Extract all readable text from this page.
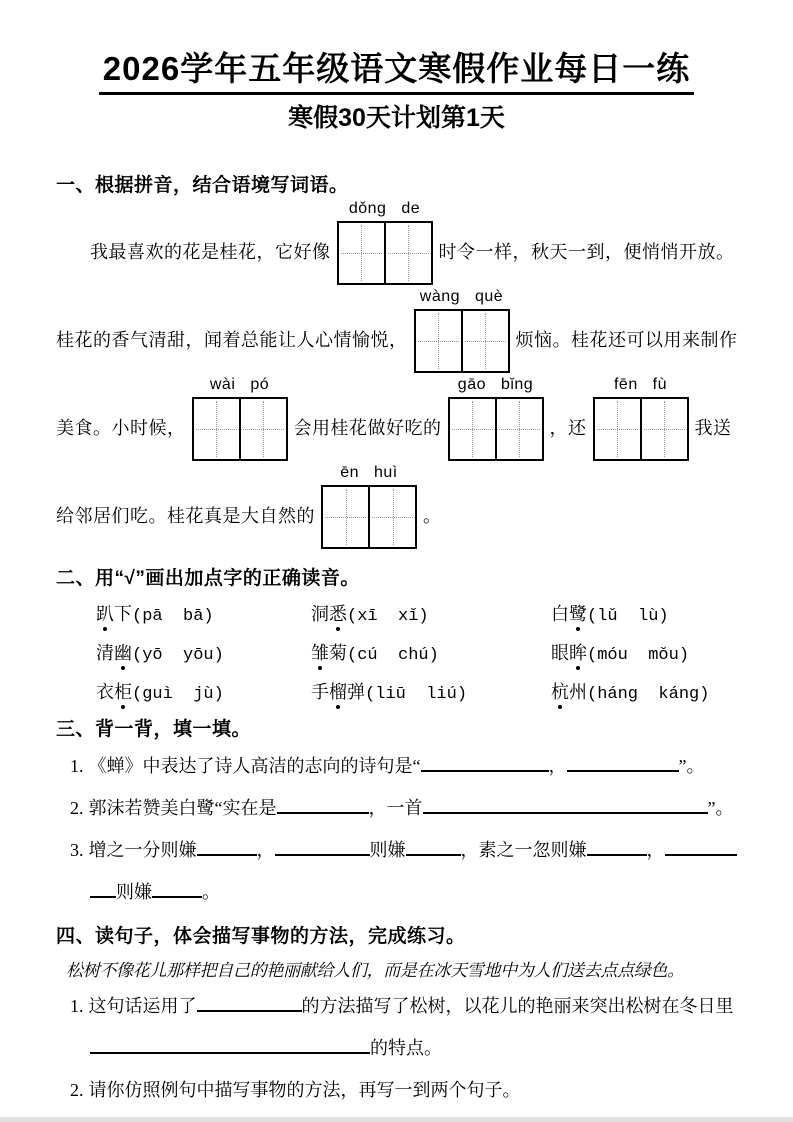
2026学年五年级语文寒假作业每日一练
寒假30天计划第1天
一、根据拼音，结合语境写词语。
我最喜欢的花是桂花，它好像
dǒng de
时令一样，秋天一到，便悄悄开放。
桂花的香气清甜，闻着总能让人心情愉悦，
wàng què
烦恼。桂花还可以用来制作
美食。小时候，
wài pó
会用桂花做好吃的
gāo bǐng
，还
fēn fù
我送
给邻居们吃。桂花真是大自然的
ēn huì
。
二、用“√”画出加点字的正确读音。
趴下(pā  bā)	洞悉(xī  xǐ)	白鹭(lǔ  lù)
清幽(yō  yōu)	雏菊(cú  chú)	眼眸(móu  mǒu)
衣柜(guì  jù)	手榴弹(liū  liú)	杭州(háng  káng)
三、背一背，填一填。
1. 《蝉》中表达了诗人高洁的志向的诗句是“	，	”。
2. 郭沫若赞美白鹭“实在是	，一首	”。
3. 增之一分则嫌	，	则嫌	，素之一忽则嫌	，
则嫌	。
四、读句子，体会描写事物的方法，完成练习。
松树不像花儿那样把自己的艳丽献给人们，而是在冰天雪地中为人们送去点点绿色。
1. 这句话运用了	的方法描写了松树，以花儿的艳丽来突出松树在冬日里
的特点。
2. 请你仿照例句中描写事物的方法，再写一到两个句子。
